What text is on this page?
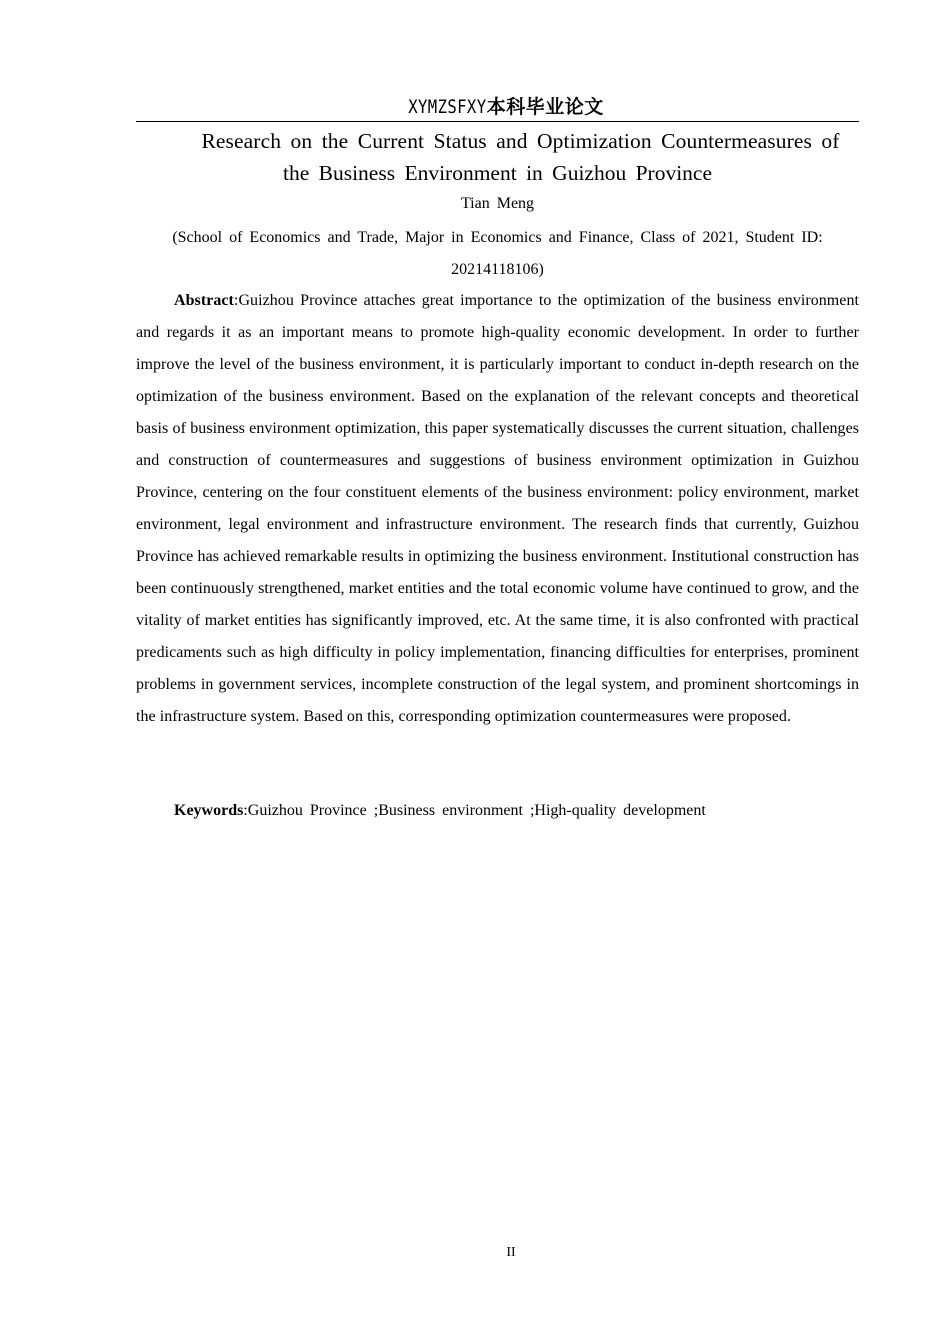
XYMZSFXY本科毕业论文
Research on the Current Status and Optimization Countermeasures of
the Business Environment in Guizhou Province
Tian Meng
(School of Economics and Trade, Major in Economics and Finance, Class of 2021, Student ID: 20214118106)

Abstract:Guizhou Province attaches great importance to the optimization of the business environment and regards it as an important means to promote high-quality economic development. In order to further improve the level of the business environment, it is particularly important to conduct in-depth research on the optimization of the business environment. Based on the explanation of the relevant concepts and theoretical basis of business environment optimization, this paper systematically discusses the current situation, challenges and construction of countermeasures and suggestions of business environment optimization in Guizhou Province, centering on the four constituent elements of the business environment: policy environment, market environment, legal environment and infrastructure environment. The research finds that currently, Guizhou Province has achieved remarkable results in optimizing the business environment. Institutional construction has been continuously strengthened, market entities and the total economic volume have continued to grow, and the vitality of market entities has significantly improved, etc. At the same time, it is also confronted with practical predicaments such as high difficulty in policy implementation, financing difficulties for enterprises, prominent problems in government services, incomplete construction of the legal system, and prominent shortcomings in the infrastructure system. Based on this, corresponding optimization countermeasures were proposed.

Keywords:Guizhou Province ;Business environment ;High-quality development

II
